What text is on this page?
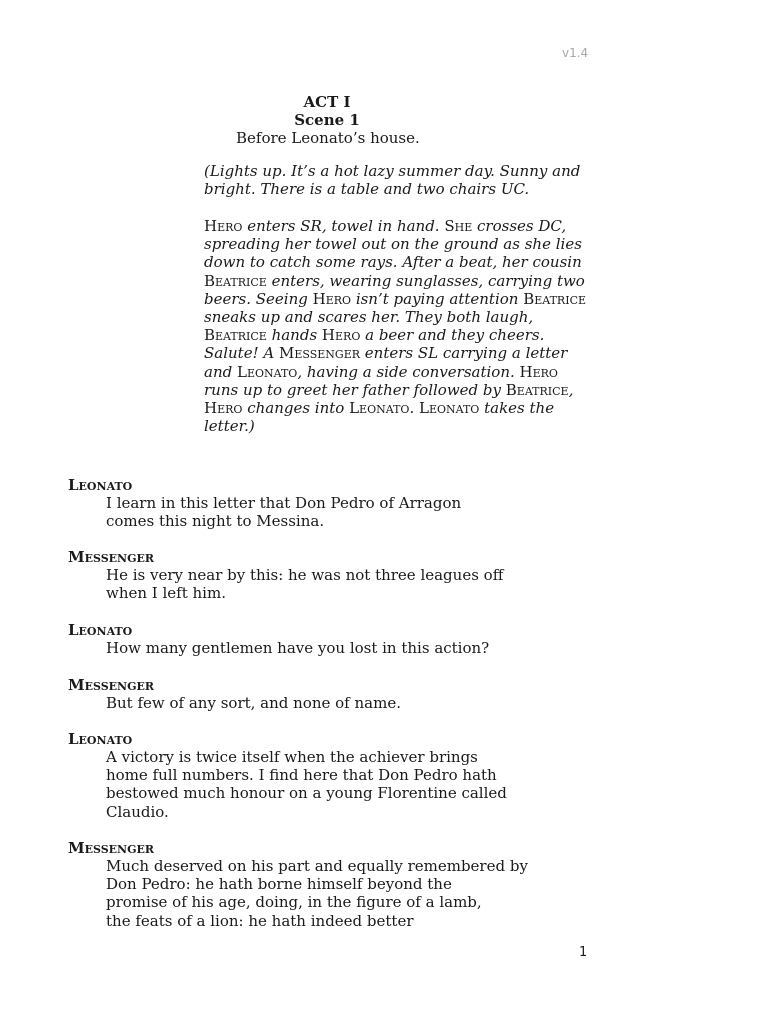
v1.4
ACT I
Scene 1
Before Leonato’s house.
(Lights up. It’s a hot lazy summer day. Sunny and bright. There is a table and two chairs UC.
Hero enters SR, towel in hand. She crosses DC, spreading her towel out on the ground as she lies down to catch some rays. After a beat, her cousin Beatrice enters, wearing sunglasses, carrying two beers. Seeing Hero isn’t paying attention Beatrice sneaks up and scares her. They both laugh, Beatrice hands Hero a beer and they cheers. Salute! A Messenger enters SL carrying a letter and Leonato, having a side conversation. Hero runs up to greet her father followed by Beatrice, Hero changes into Leonato. Leonato takes the letter.)
Leonato
I learn in this letter that Don Pedro of Arragon
comes this night to Messina.
Messenger
He is very near by this: he was not three leagues off
when I left him.
Leonato
How many gentlemen have you lost in this action?
Messenger
But few of any sort, and none of name.
Leonato
A victory is twice itself when the achiever brings
home full numbers. I find here that Don Pedro hath
bestowed much honour on a young Florentine called
Claudio.
Messenger
Much deserved on his part and equally remembered by
Don Pedro: he hath borne himself beyond the
promise of his age, doing, in the figure of a lamb,
the feats of a lion: he hath indeed better
1
